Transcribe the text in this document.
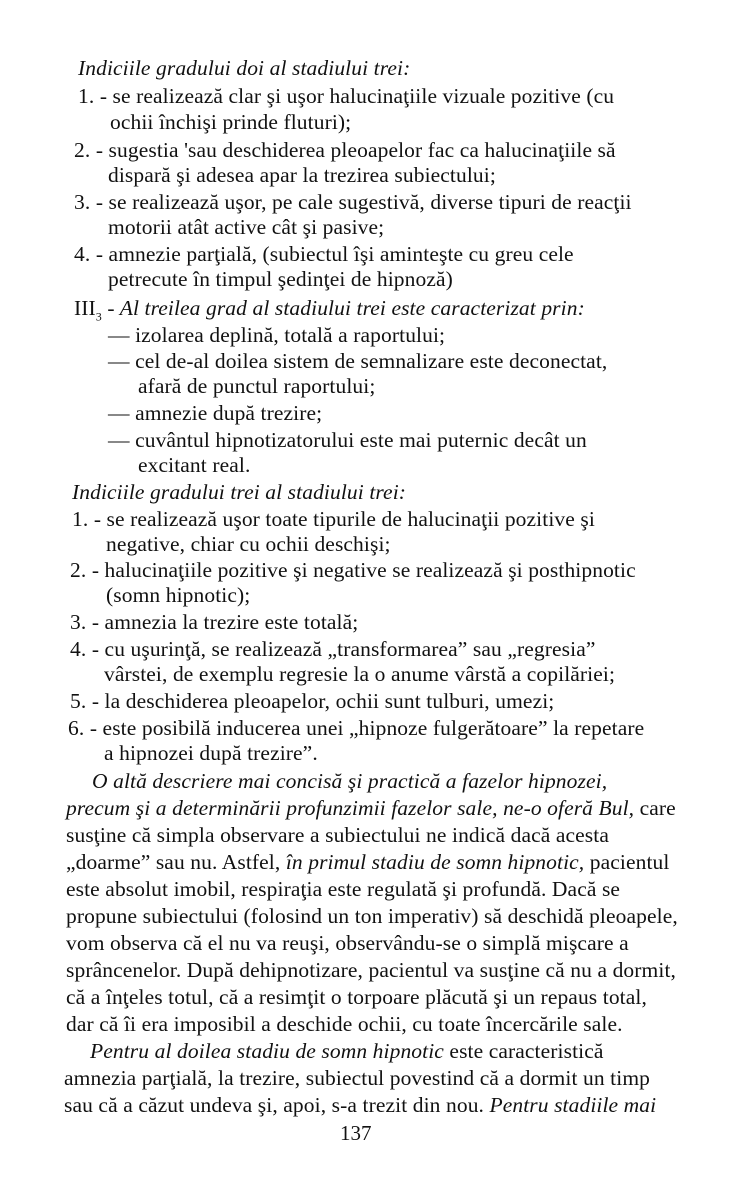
Indiciile gradului doi al stadiului trei:
1. - se realizează clar şi uşor halucinaţiile vizuale pozitive (cu
ochii închişi prinde fluturi);
2. - sugestia 'sau deschiderea pleoapelor fac ca halucinaţiile să
dispară şi adesea apar la trezirea subiectului;
3. - se realizează uşor, pe cale sugestivă, diverse tipuri de reacţii
motorii atât active cât şi pasive;
4. - amnezie parţială, (subiectul îşi aminteşte cu greu cele
petrecute în timpul şedinţei de hipnoză)
$III_3$ - Al treilea grad al stadiului trei este caracterizat prin:
— izolarea deplină, totală a raportului;
— cel de-al doilea sistem de semnalizare este deconectat,
afară de punctul raportului;
— amnezie după trezire;
— cuvântul hipnotizatorului este mai puternic decât un
excitant real.
Indiciile gradului trei al stadiului trei:
1. - se realizează uşor toate tipurile de halucinaţii pozitive şi
negative, chiar cu ochii deschişi;
2. - halucinaţiile pozitive şi negative se realizează şi posthipnotic
(somn hipnotic);
3. - amnezia la trezire este totală;
4. - cu uşurinţă, se realizează „transformarea” sau „regresia”
vârstei, de exemplu regresie la o anume vârstă a copilăriei;
5. - la deschiderea pleoapelor, ochii sunt tulburi, umezi;
6. - este posibilă inducerea unei „hipnoze fulgerătoare” la repetare
a hipnozei după trezire”.
O altă descriere mai concisă şi practică a fazelor hipnozei,
precum şi a determinării profunzimii fazelor sale, ne-o oferă Bul, care
susţine că simpla observare a subiectului ne indică dacă acesta
„doarme” sau nu. Astfel, în primul stadiu de somn hipnotic, pacientul
este absolut imobil, respiraţia este regulată şi profundă. Dacă se
propune subiectului (folosind un ton imperativ) să deschidă pleoapele,
vom observa că el nu va reuşi, observându-se o simplă mişcare a
sprâncenelor. După dehipnotizare, pacientul va susţine că nu a dormit,
că a înţeles totul, că a resimţit o torpoare plăcută şi un repaus total,
dar că îi era imposibil a deschide ochii, cu toate încercările sale.
Pentru al doilea stadiu de somn hipnotic este caracteristică
amnezia parţială, la trezire, subiectul povestind că a dormit un timp
sau că a căzut undeva şi, apoi, s-a trezit din nou. Pentru stadiile mai
137
